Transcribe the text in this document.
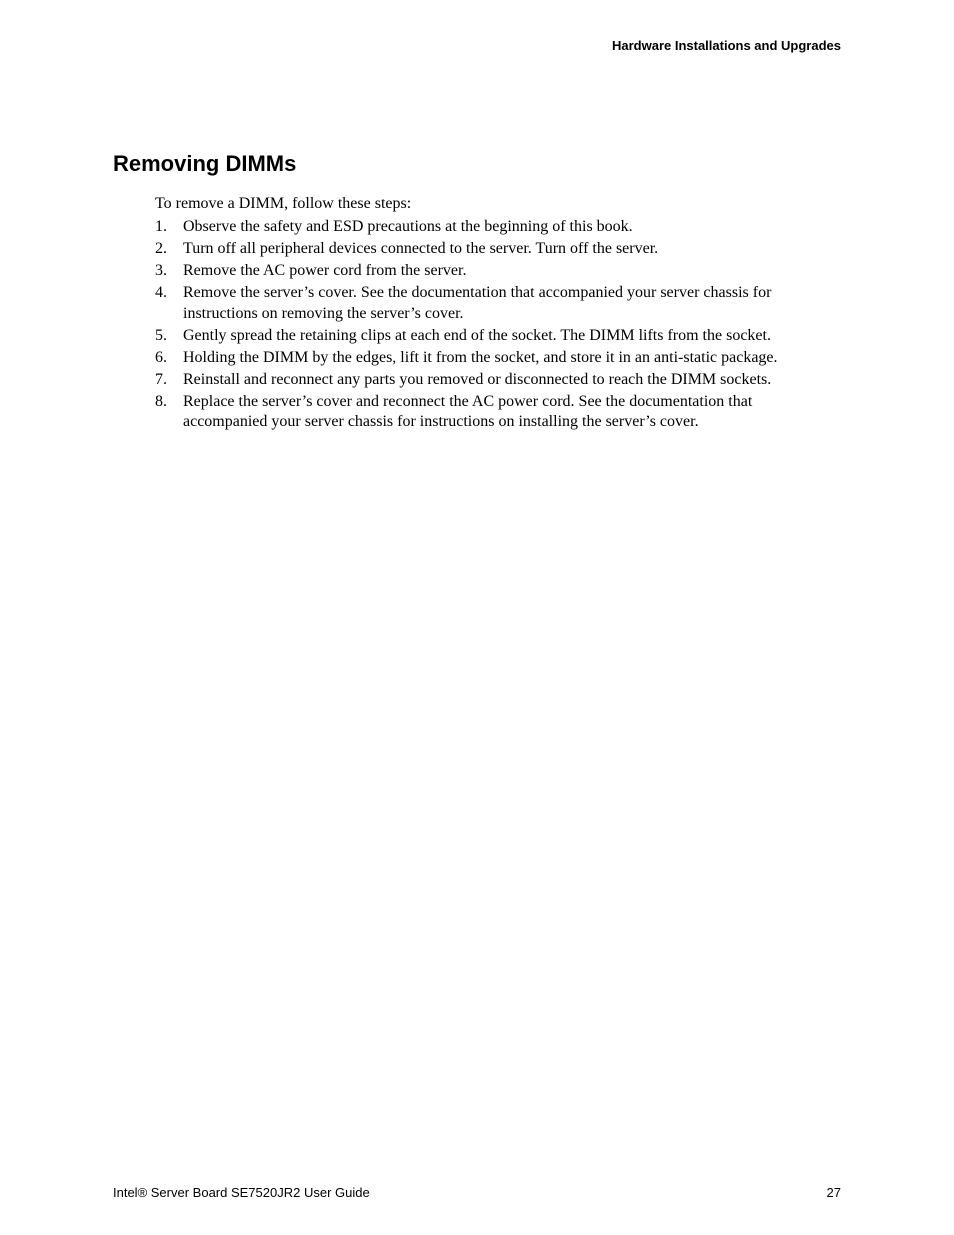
Hardware Installations and Upgrades
Removing DIMMs

To remove a DIMM, follow these steps:

1. Observe the safety and ESD precautions at the beginning of this book.
2. Turn off all peripheral devices connected to the server. Turn off the server.
3. Remove the AC power cord from the server.
4. Remove the server’s cover. See the documentation that accompanied your server chassis for instructions on removing the server’s cover.
5. Gently spread the retaining clips at each end of the socket. The DIMM lifts from the socket.
6. Holding the DIMM by the edges, lift it from the socket, and store it in an anti-static package.
7. Reinstall and reconnect any parts you removed or disconnected to reach the DIMM sockets.
8. Replace the server’s cover and reconnect the AC power cord. See the documentation that accompanied your server chassis for instructions on installing the server’s cover.
Intel® Server Board SE7520JR2 User Guide	27
